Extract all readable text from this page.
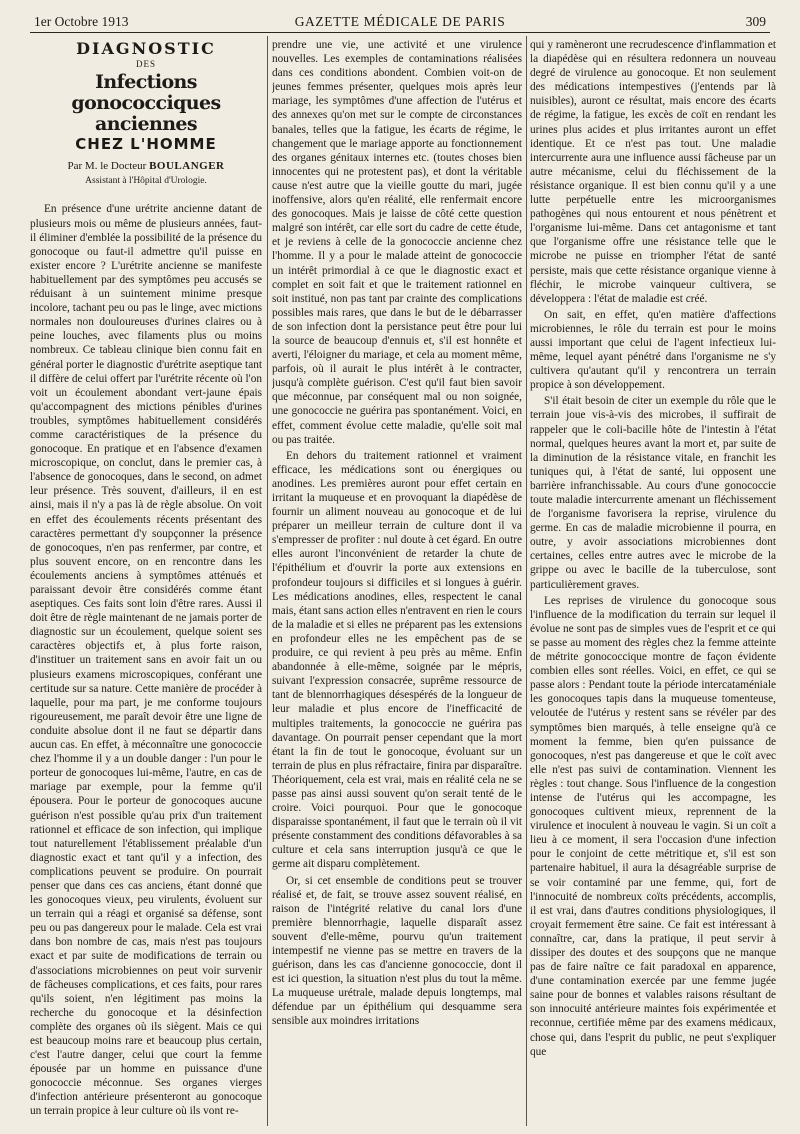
1er Octobre 1913	GAZETTE MÉDICALE DE PARIS	309
DIAGNOSTIC
DES
Infections gonococciques anciennes
CHEZ L'HOMME
Par M. le Docteur BOULANGER
Assistant à l'Hôpital d'Urologie.

En présence d'une urétrite ancienne datant de plusieurs mois ou même de plusieurs années, faut-il éliminer d'emblée la possibilité de la présence du gonocoque ou faut-il admettre qu'il puisse en exister encore ? L'urétrite ancienne se manifeste habituellement par des symptômes peu accusés se réduisant à un suintement minime presque incolore, tachant peu ou pas le linge, avec mictions normales non douloureuses d'urines claires ou à peine louches, avec filaments plus ou moins nombreux. Ce tableau clinique bien connu fait en général porter le diagnostic d'urétrite aseptique tant il diffère de celui offert par l'urétrite récente où l'on voit un écoulement abondant vert-jaune épais qu'accompagnent des mictions pénibles d'urines troubles, symptômes habituellement considérés comme caractéristiques de la présence du gonocoque. En pratique et en l'absence d'examen microscopique, on conclut, dans le premier cas, à l'absence de gonocoques, dans le second, on admet leur présence. Très souvent, d'ailleurs, il en est ainsi, mais il n'y a pas là de règle absolue. On voit en effet des écoulements récents présentant des caractères permettant d'y soupçonner la présence de gonocoques, n'en pas renfermer, par contre, et plus souvent encore, on en rencontre dans les écoulements anciens à symptômes atténués et paraissant devoir être considérés comme étant aseptiques. Ces faits sont loin d'être rares. Aussi il doit être de règle maintenant de ne jamais porter de diagnostic sur un écoulement, quelque soient ses caractères objectifs et, à plus forte raison, d'instituer un traitement sans en avoir fait un ou plusieurs examens microscopiques, conférant une certitude sur sa nature. Cette manière de procéder à laquelle, pour ma part, je me conforme toujours rigoureusement, me paraît devoir être une ligne de conduite absolue dont il ne faut se départir dans aucun cas. En effet, à méconnaître une gonococcie chez l'homme il y a un double danger : l'un pour le porteur de gonocoques lui-même, l'autre, en cas de mariage par exemple, pour la femme qu'il épousera. Pour le porteur de gonocoques aucune guérison n'est possible qu'au prix d'un traitement rationnel et efficace de son infection, qui implique tout naturellement l'établissement préalable d'un diagnostic exact et tant qu'il y a infection, des complications peuvent se produire. On pourrait penser que dans ces cas anciens, étant donné que les gonocoques vieux, peu virulents, évoluent sur un terrain qui a réagi et organisé sa défense, sont peu ou pas dangereux pour le malade. Cela est vrai dans bon nombre de cas, mais n'est pas toujours exact et par suite de modifications de terrain ou d'associations microbiennes on peut voir survenir de fâcheuses complications, et ces faits, pour rares qu'ils soient, n'en légitiment pas moins la recherche du gonocoque et la désinfection complète des organes où ils siègent. Mais ce qui est beaucoup moins rare et beaucoup plus certain, c'est l'autre danger, celui que court la femme épousée par un homme en puissance d'une gonococcie méconnue. Ses organes vierges d'infection antérieure présenteront au gonocoque un terrain propice à leur culture où ils vont re-

prendre une vie, une activité et une virulence nouvelles. Les exemples de contaminations réalisées dans ces conditions abondent. Combien voit-on de jeunes femmes présenter, quelques mois après leur mariage, les symptômes d'une affection de l'utérus et des annexes qu'on met sur le compte de circonstances banales, telles que la fatigue, les écarts de régime, le changement que le mariage apporte au fonctionnement des organes génitaux internes etc. (toutes choses bien innocentes qui ne protestent pas), et dont la véritable cause n'est autre que la vieille goutte du mari, jugée inoffensive, alors qu'en réalité, elle renfermait encore des gonocoques. Mais je laisse de côté cette question malgré son intérêt, car elle sort du cadre de cette étude, et je reviens à celle de la gonococcie ancienne chez l'homme. Il y a pour le malade atteint de gonococcie un intérêt primordial à ce que le diagnostic exact et complet en soit fait et que le traitement rationnel en soit institué, non pas tant par crainte des complications possibles mais rares, que dans le but de le débarrasser de son infection dont la persistance peut être pour lui la source de beaucoup d'ennuis et, s'il est honnête et averti, l'éloigner du mariage, et cela au moment même, parfois, où il aurait le plus intérêt à le contracter, jusqu'à complète guérison. C'est qu'il faut bien savoir que méconnue, par conséquent mal ou non soignée, une gonococcie ne guérira pas spontanément. Voici, en effet, comment évolue cette maladie, qu'elle soit mal ou pas traitée.

En dehors du traitement rationnel et vraiment efficace, les médications sont ou énergiques ou anodines. Les premières auront pour effet certain en irritant la muqueuse et en provoquant la diapédèse de fournir un aliment nouveau au gonocoque et de lui préparer un meilleur terrain de culture dont il va s'empresser de profiter : nul doute à cet égard. En outre elles auront l'inconvénient de retarder la chute de l'épithélium et d'ouvrir la porte aux extensions en profondeur toujours si difficiles et si longues à guérir. Les médications anodines, elles, respectent le canal mais, étant sans action elles n'entravent en rien le cours de la maladie et si elles ne préparent pas les extensions en profondeur elles ne les empêchent pas de se produire, ce qui revient à peu près au même. Enfin abandonnée à elle-même, soignée par le mépris, suivant l'expression consacrée, suprême ressource de tant de blennorrhagiques désespérés de la longueur de leur maladie et plus encore de l'inefficacité de multiples traitements, la gonococcie ne guérira pas davantage. On pourrait penser cependant que la mort étant la fin de tout le gonocoque, évoluant sur un terrain de plus en plus réfractaire, finira par disparaître. Théoriquement, cela est vrai, mais en réalité cela ne se passe pas ainsi aussi souvent qu'on serait tenté de le croire. Voici pourquoi. Pour que le gonocoque disparaisse spontanément, il faut que le terrain où il vit présente constamment des conditions défavorables à sa culture et cela sans interruption jusqu'à ce que le germe ait disparu complètement.

Or, si cet ensemble de conditions peut se trouver réalisé et, de fait, se trouve assez souvent réalisé, en raison de l'intégrité relative du canal lors d'une première blennorrhagie, laquelle disparaît assez souvent d'elle-même, pourvu qu'un traitement intempestif ne vienne pas se mettre en travers de la guérison, dans les cas d'ancienne gonococcie, dont il est ici question, la situation n'est plus du tout la même. La muqueuse urétrale, malade depuis longtemps, mal défendue par un épithélium qui desquamme sera sensible aux moindres irritations

qui y ramèneront une recrudescence d'inflammation et la diapédèse qui en résultera redonnera un nouveau degré de virulence au gonocoque. Et non seulement des médications intempestives (j'entends par là nuisibles), auront ce résultat, mais encore des écarts de régime, la fatigue, les excès de coït en rendant les urines plus acides et plus irritantes auront un effet identique. Et ce n'est pas tout. Une maladie intercurrente aura une influence aussi fâcheuse par un autre mécanisme, celui du fléchissement de la résistance organique. Il est bien connu qu'il y a une lutte perpétuelle entre les microorganismes pathogènes qui nous entourent et nous pénètrent et l'organisme lui-même. Dans cet antagonisme et tant que l'organisme offre une résistance telle que le microbe ne puisse en triompher l'état de santé persiste, mais que cette résistance organique vienne à fléchir, le microbe vainqueur cultivera, se développera : l'état de maladie est créé.

On sait, en effet, qu'en matière d'affections microbiennes, le rôle du terrain est pour le moins aussi important que celui de l'agent infectieux lui-même, lequel ayant pénétré dans l'organisme ne s'y cultivera qu'autant qu'il y rencontrera un terrain propice à son développement.

S'il était besoin de citer un exemple du rôle que le terrain joue vis-à-vis des microbes, il suffirait de rappeler que le coli-bacille hôte de l'intestin à l'état normal, quelques heures avant la mort et, par suite de la diminution de la résistance vitale, en franchit les tuniques qui, à l'état de santé, lui opposent une barrière infranchissable. Au cours d'une gonococcie toute maladie intercurrente amenant un fléchissement de l'organisme favorisera la reprise, virulence du germe. En cas de maladie microbienne il pourra, en outre, y avoir associations microbiennes dont certaines, celles entre autres avec le microbe de la grippe ou avec le bacille de la tuberculose, sont particulièrement graves.

Les reprises de virulence du gonocoque sous l'influence de la modification du terrain sur lequel il évolue ne sont pas de simples vues de l'esprit et ce qui se passe au moment des règles chez la femme atteinte de métrite gonococcique montre de façon évidente combien elles sont réelles. Voici, en effet, ce qui se passe alors : Pendant toute la période intercataméniale les gonocoques tapis dans la muqueuse tomenteuse, veloutée de l'utérus y restent sans se révéler par des symptômes bien marqués, à telle enseigne qu'à ce moment la femme, bien qu'en puissance de gonocoques, n'est pas dangereuse et que le coït avec elle n'est pas suivi de contamination. Viennent les règles : tout change. Sous l'influence de la congestion intense de l'utérus qui les accompagne, les gonocoques cultivent mieux, reprennent de la virulence et inoculent à nouveau le vagin. Si un coït a lieu à ce moment, il sera l'occasion d'une infection pour le conjoint de cette métritique et, s'il est son partenaire habituel, il aura la désagréable surprise de se voir contaminé par une femme, qui, fort de l'innocuité de nombreux coïts précédents, accomplis, il est vrai, dans d'autres conditions physiologiques, il croyait fermement être saine. Ce fait est intéressant à connaître, car, dans la pratique, il peut servir à dissiper des doutes et des soupçons que ne manque pas de faire naître ce fait paradoxal en apparence, d'une contamination exercée par une femme jugée saine pour de bonnes et valables raisons résultant de son innocuité antérieure maintes fois expérimentée et reconnue, certifiée même par des examens médicaux, chose qui, dans l'esprit du public, ne peut s'expliquer que
